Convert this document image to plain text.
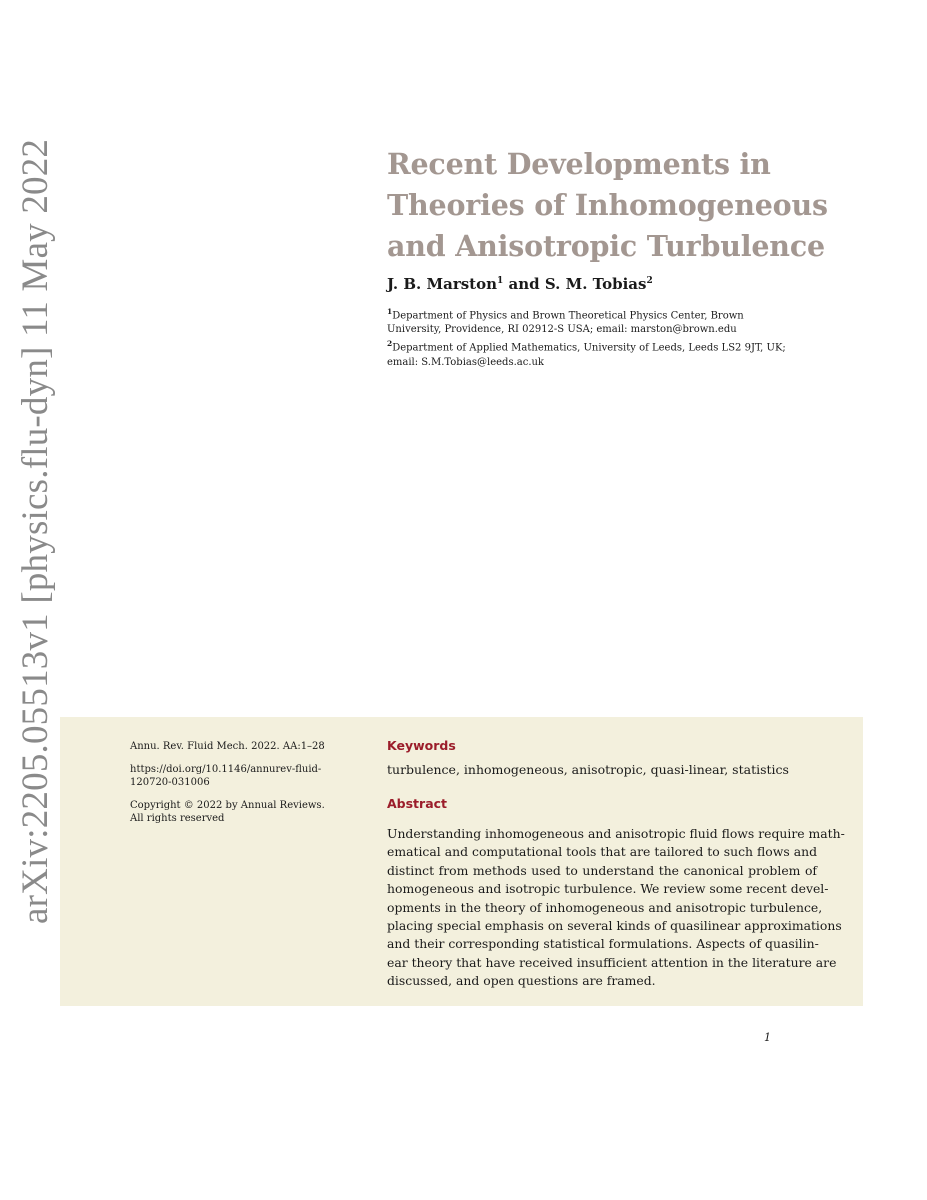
arXiv:2205.05513v1 [physics.flu-dyn] 11 May 2022	Recent Developments in
Theories of Inhomogeneous
and Anisotropic Turbulence

J. B. Marston$^1$ and S. M. Tobias$^2$

$^1$Department of Physics and Brown Theoretical Physics Center, Brown
University, Providence, RI 02912-S USA; email: marston@brown.edu

$^2$Department of Applied Mathematics, University of Leeds, Leeds LS2 9JT, UK;
email: S.M.Tobias@leeds.ac.uk

Annu. Rev. Fluid Mech. 2022. AA:1–28

https://doi.org/10.1146/annurev-fluid-
120720-031006

Copyright © 2022 by Annual Reviews.
All rights reserved

Keywords

turbulence, inhomogeneous, anisotropic, quasi-linear, statistics

Abstract

Understanding inhomogeneous and anisotropic fluid flows require math-
ematical and computational tools that are tailored to such flows and
distinct from methods used to understand the canonical problem of
homogeneous and isotropic turbulence. We review some recent devel-
opments in the theory of inhomogeneous and anisotropic turbulence,
placing special emphasis on several kinds of quasilinear approximations
and their corresponding statistical formulations. Aspects of quasilin-
ear theory that have received insufficient attention in the literature are
discussed, and open questions are framed.

1
